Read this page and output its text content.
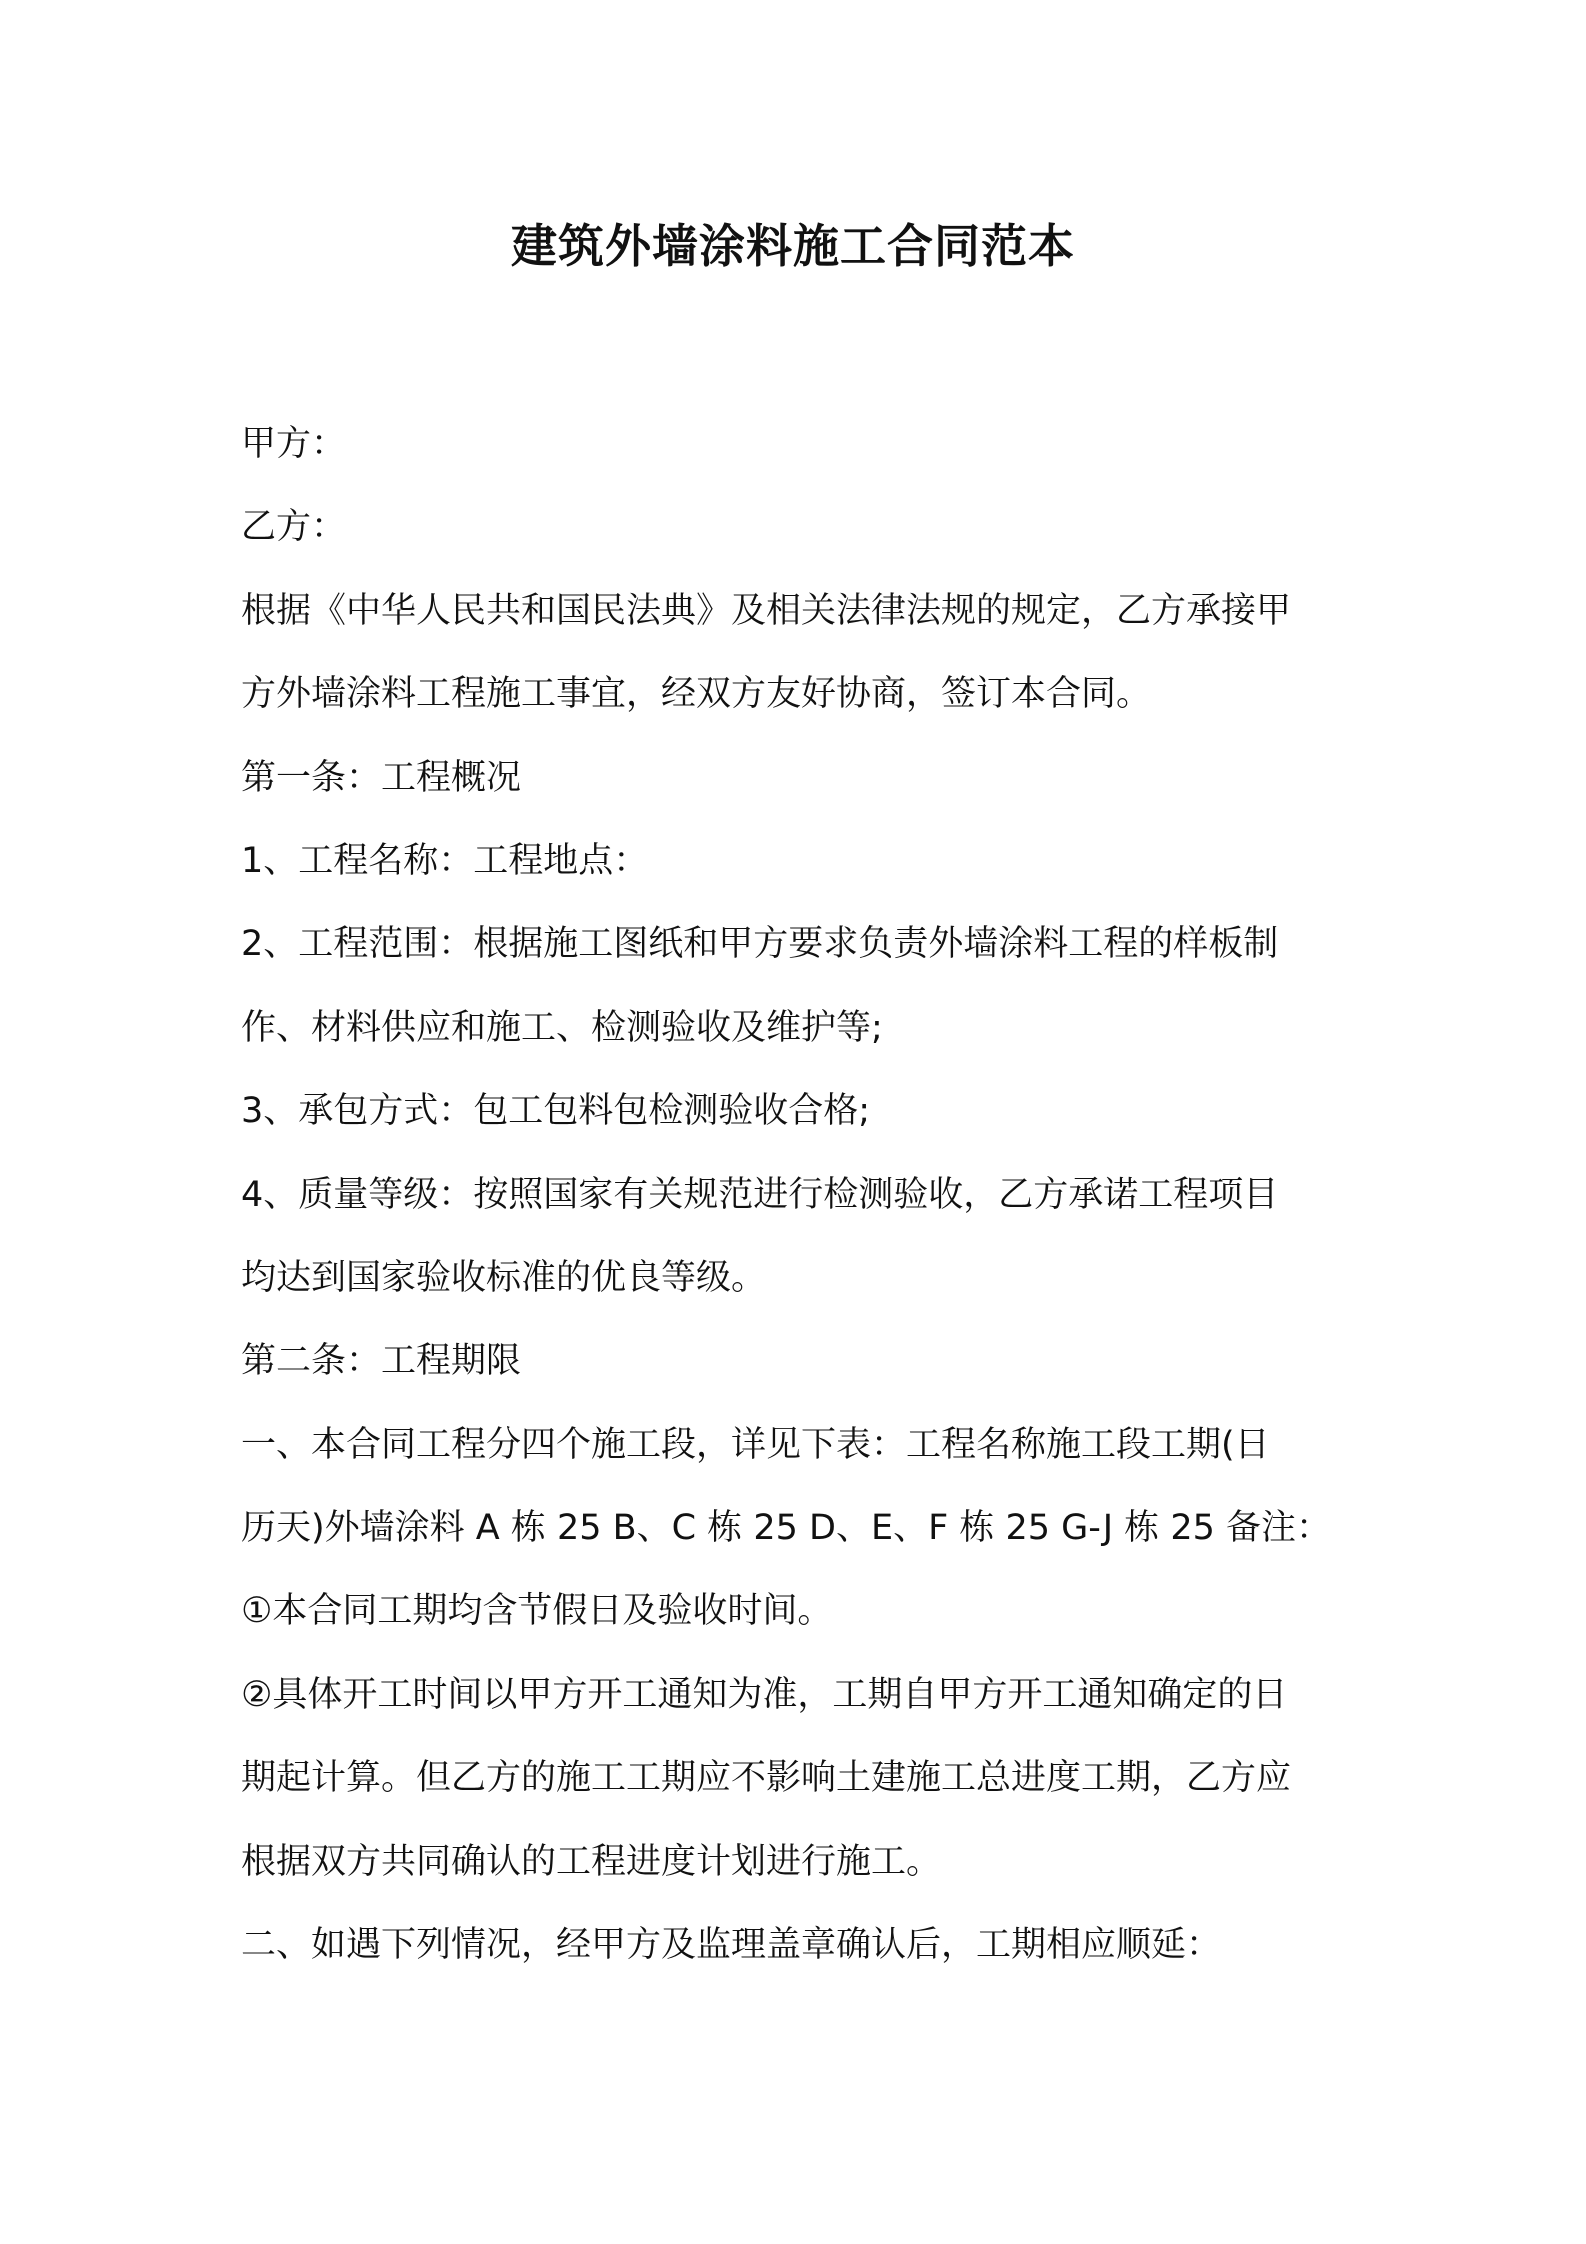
建筑外墙涂料施工合同范本
甲方：
乙方：
根据《中华人民共和国民法典》及相关法律法规的规定，乙方承接甲
方外墙涂料工程施工事宜，经双方友好协商，签订本合同。
第一条：工程概况
1、工程名称：工程地点：
2、工程范围：根据施工图纸和甲方要求负责外墙涂料工程的样板制
作、材料供应和施工、检测验收及维护等;
3、承包方式：包工包料包检测验收合格;
4、质量等级：按照国家有关规范进行检测验收，乙方承诺工程项目
均达到国家验收标准的优良等级。
第二条：工程期限
一、本合同工程分四个施工段，详见下表：工程名称施工段工期(日
历天)外墙涂料 A 栋 25 B、C 栋 25 D、E、F 栋 25 G-J 栋 25 备注：
①本合同工期均含节假日及验收时间。
②具体开工时间以甲方开工通知为准，工期自甲方开工通知确定的日
期起计算。但乙方的施工工期应不影响土建施工总进度工期，乙方应
根据双方共同确认的工程进度计划进行施工。
二、如遇下列情况，经甲方及监理盖章确认后，工期相应顺延：
